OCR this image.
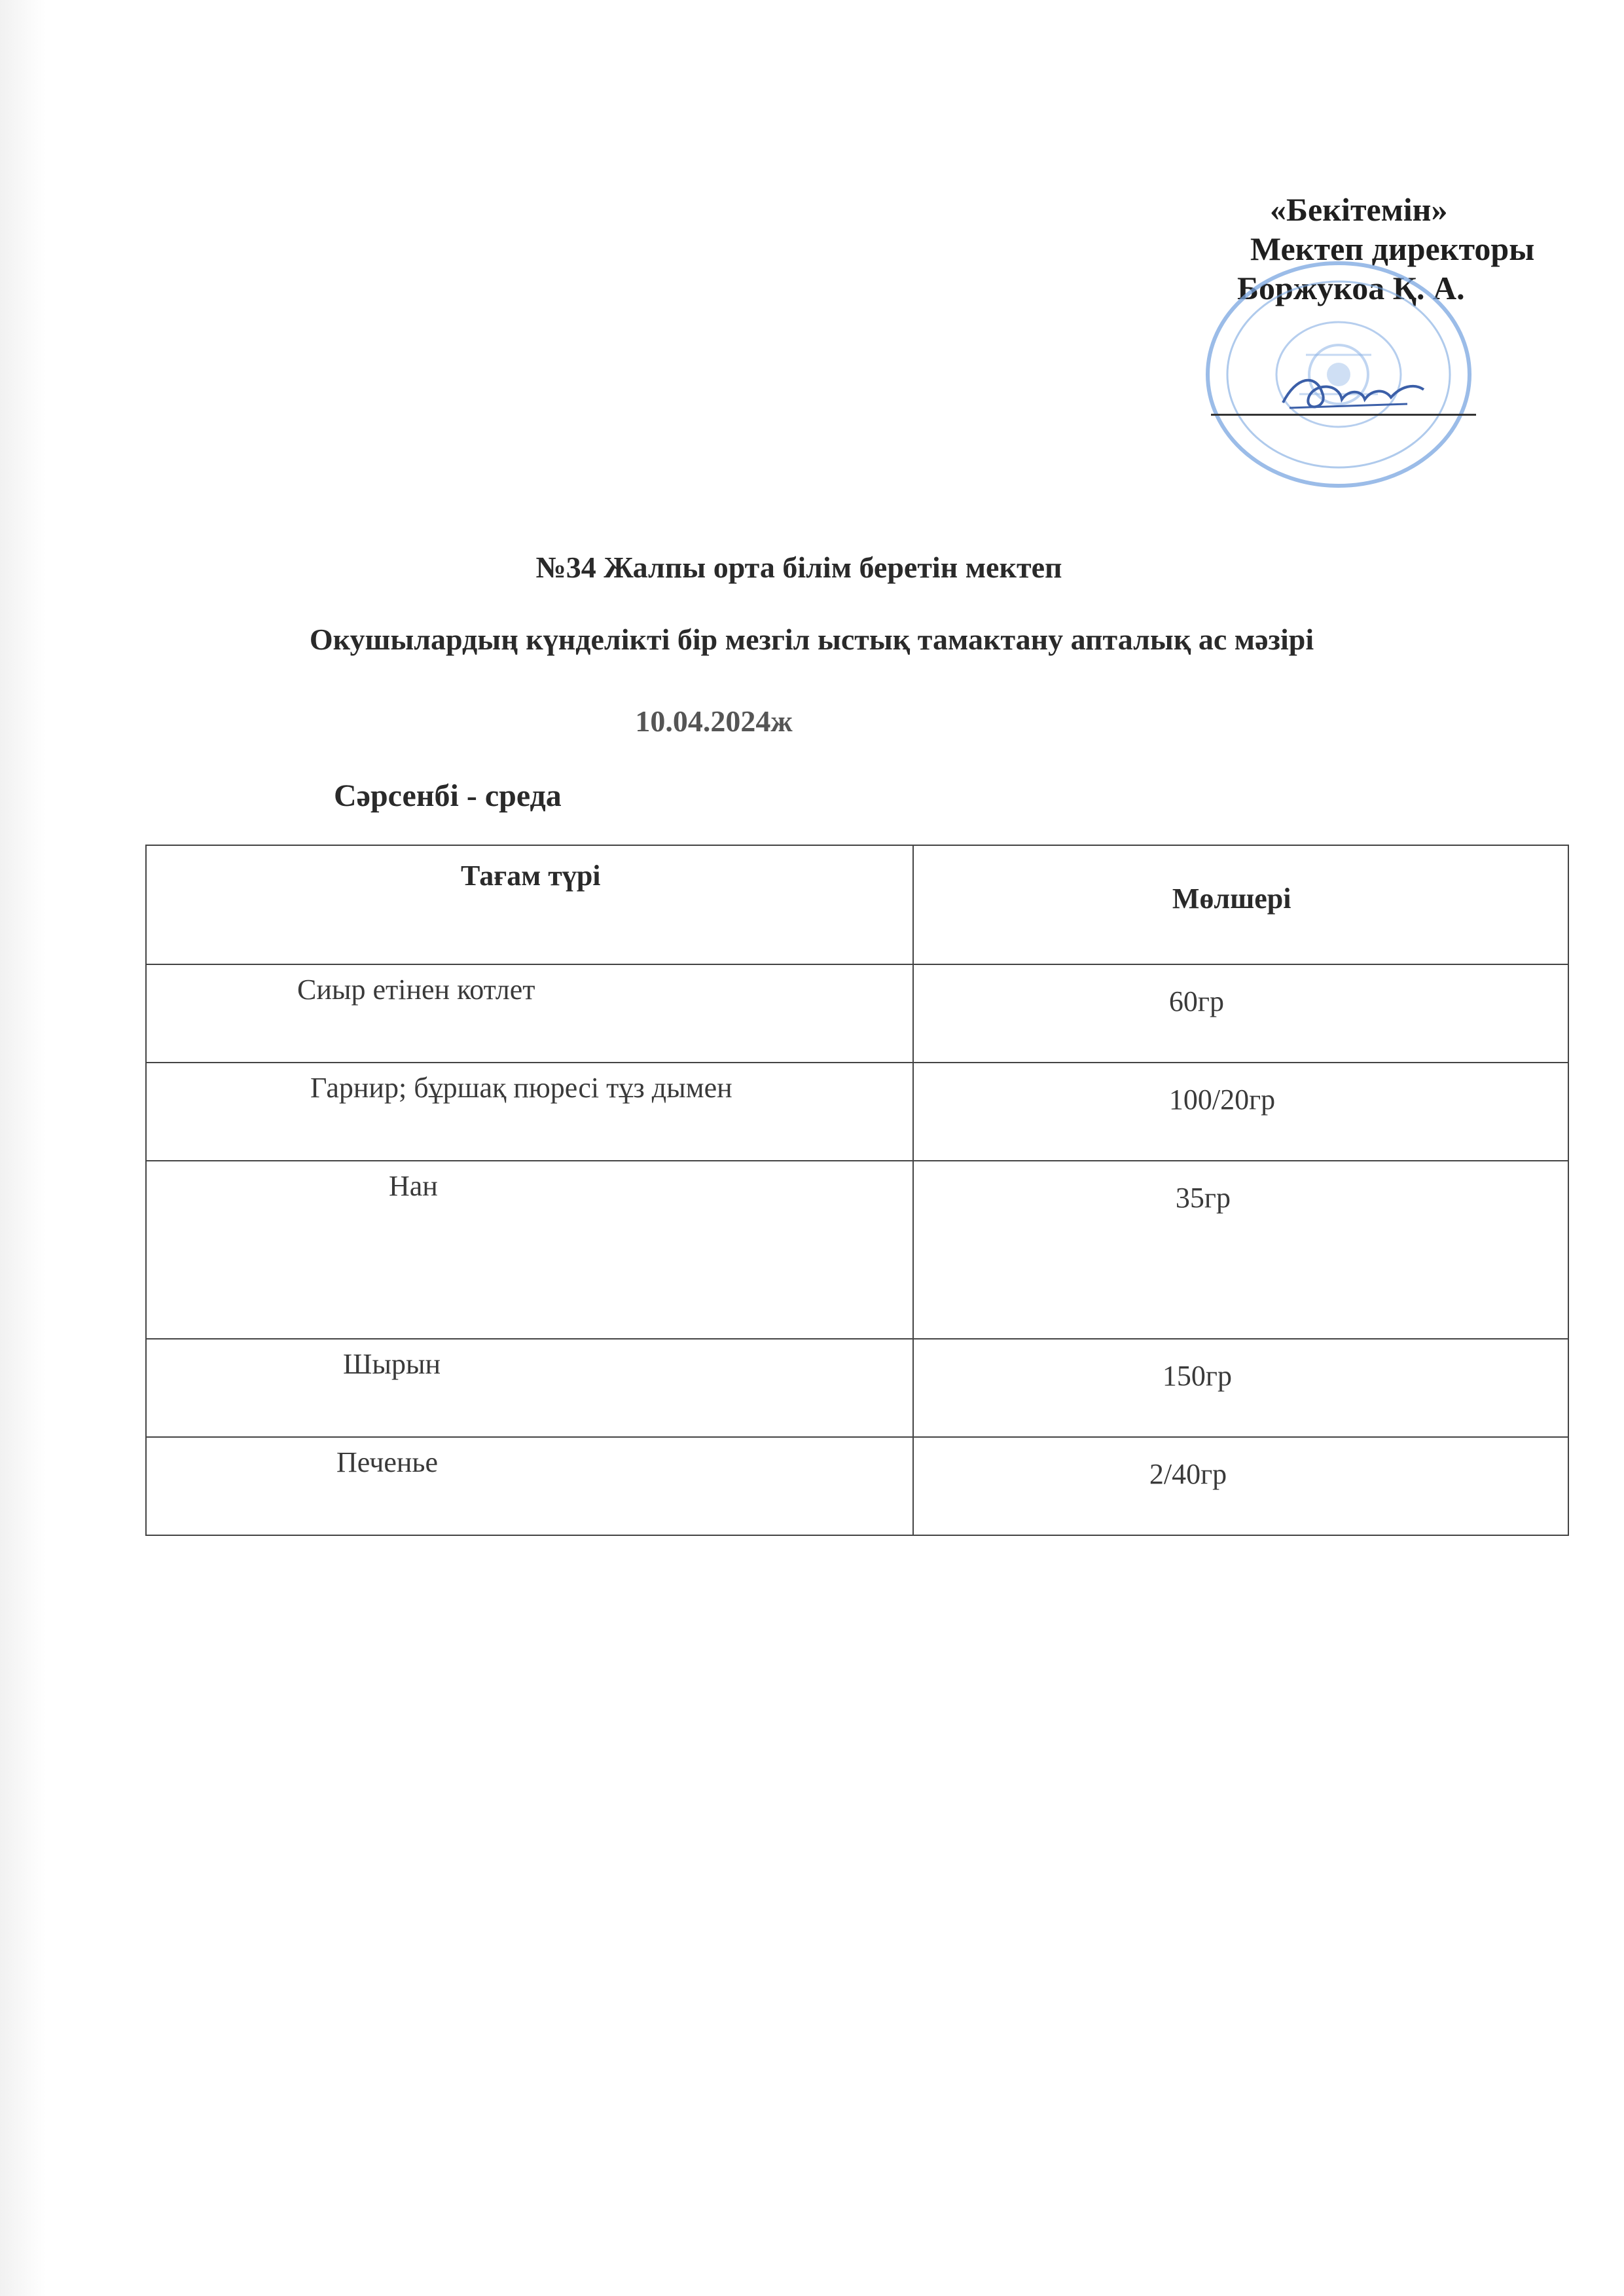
«Бекітемін»
Мектеп директоры
Боржукоа Қ. А.
№34 Жалпы орта білім беретін мектеп
Окушылардың күнделікті бір мезгіл ыстық тамактану апталық ас мәзірі
10.04.2024ж
Сәрсенбі - среда
Тағам түрі	Мөлшері
Сиыр етінен котлет	60гр
Гарнир; бұршақ пюресі тұз дымен	100/20гр
Нан	35гр
Шырын	150гр
Печенье	2/40гр
